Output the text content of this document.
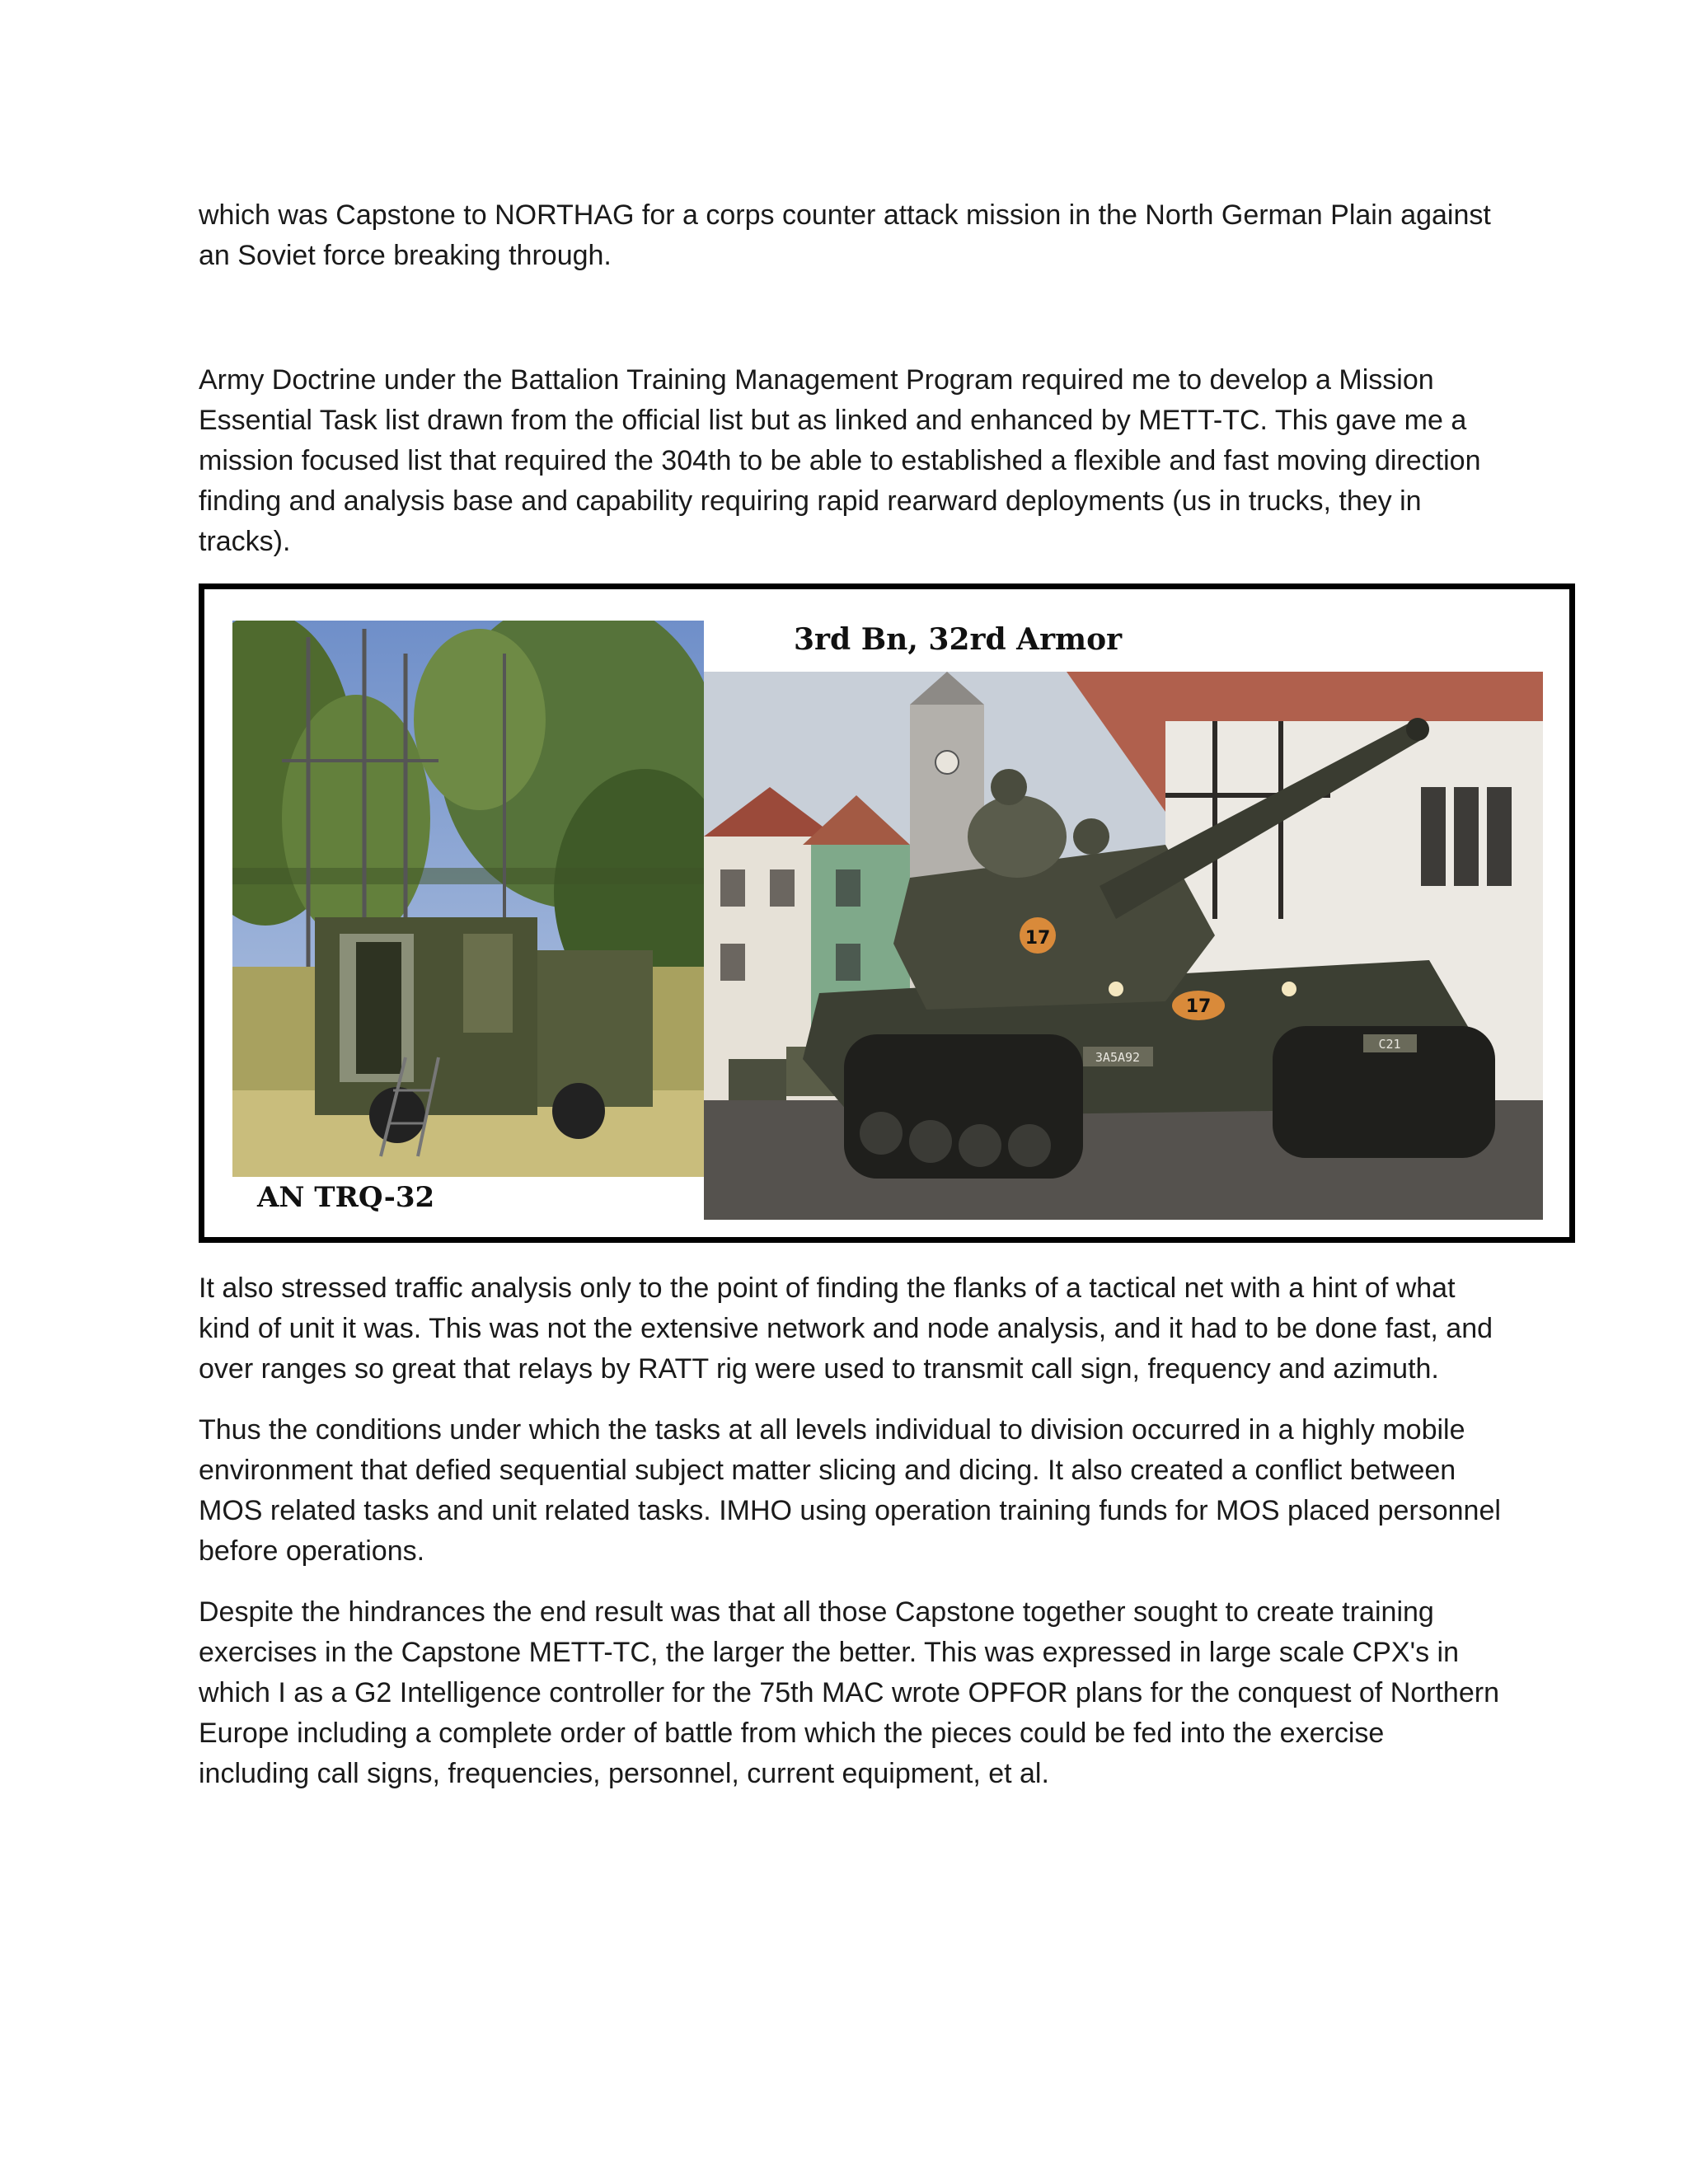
which was Capstone to NORTHAG for a corps counter attack mission in the North German Plain against an Soviet force breaking through.

Army Doctrine under the Battalion Training Management Program required me to develop a Mission Essential Task list drawn from the official list but as linked and enhanced by METT-TC. This gave me a mission focused list that required the 304th to be able to established a flexible and fast moving direction finding and analysis base and capability requiring rapid rearward deployments (us in trucks, they in tracks).

17
17
3A5A92
C21
3rd Bn, 32rd Armor
AN TRQ-32

It also stressed traffic analysis only to the point of finding the flanks of a tactical net with a hint of what kind of unit it was. This was not the extensive network and node analysis, and it had to be done fast, and over ranges so great that relays by RATT rig were used to transmit call sign, frequency and azimuth.

Thus the conditions under which the tasks at all levels individual to division occurred in a highly mobile environment that defied sequential subject matter slicing and dicing. It also created a conflict between MOS related tasks and unit related tasks. IMHO using operation training funds for MOS placed personnel before operations.

Despite the hindrances the end result was that all those Capstone together sought to create training exercises in the Capstone METT-TC, the larger the better. This was expressed in large scale CPX's in which I as a G2 Intelligence controller for the 75th MAC wrote OPFOR plans for the conquest of Northern Europe including a complete order of battle from which the pieces could be fed into the exercise including call signs, frequencies, personnel, current equipment, et al.
